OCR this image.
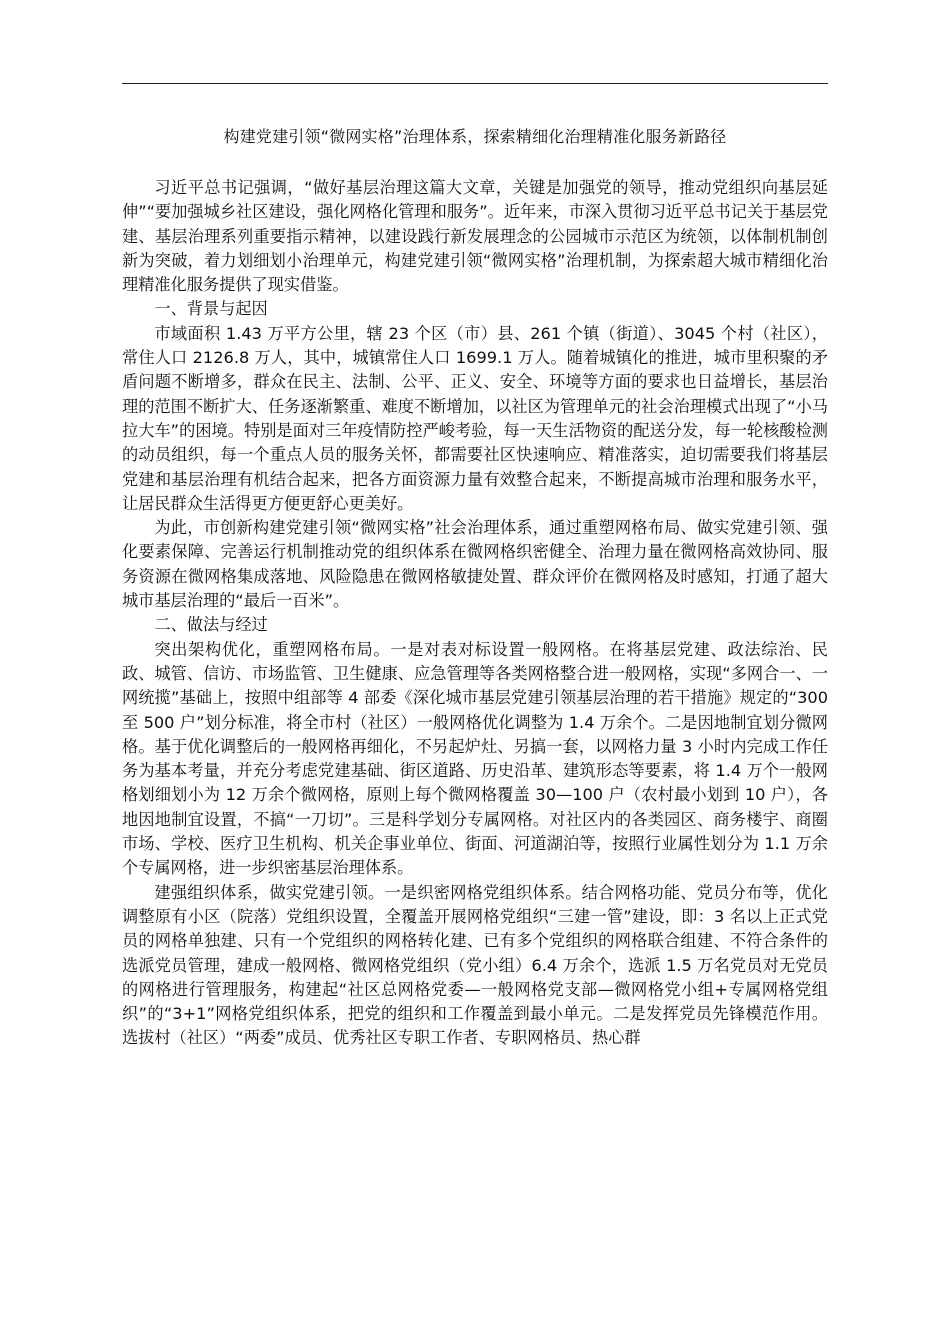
构建党建引领“微网实格”治理体系，探索精细化治理精准化服务新路径

习近平总书记强调，“做好基层治理这篇大文章，关键是加强党的领导，推动党组织向基层延伸”“要加强城乡社区建设，强化网格化管理和服务”。近年来，市深入贯彻习近平总书记关于基层党建、基层治理系列重要指示精神，以建设践行新发展理念的公园城市示范区为统领，以体制机制创新为突破，着力划细划小治理单元，构建党建引领“微网实格”治理机制，为探索超大城市精细化治理精准化服务提供了现实借鉴。

一、背景与起因

市域面积 1.43 万平方公里，辖 23 个区（市）县、261 个镇（街道）、3045 个村（社区），常住人口 2126.8 万人，其中，城镇常住人口 1699.1 万人。随着城镇化的推进，城市里积聚的矛盾问题不断增多，群众在民主、法制、公平、正义、安全、环境等方面的要求也日益增长，基层治理的范围不断扩大、任务逐渐繁重、难度不断增加，以社区为管理单元的社会治理模式出现了“小马拉大车”的困境。特别是面对三年疫情防控严峻考验，每一天生活物资的配送分发，每一轮核酸检测的动员组织，每一个重点人员的服务关怀，都需要社区快速响应、精准落实，迫切需要我们将基层党建和基层治理有机结合起来，把各方面资源力量有效整合起来，不断提高城市治理和服务水平，让居民群众生活得更方便更舒心更美好。

为此，市创新构建党建引领“微网实格”社会治理体系，通过重塑网格布局、做实党建引领、强化要素保障、完善运行机制推动党的组织体系在微网格织密健全、治理力量在微网格高效协同、服务资源在微网格集成落地、风险隐患在微网格敏捷处置、群众评价在微网格及时感知，打通了超大城市基层治理的“最后一百米”。

二、做法与经过

突出架构优化，重塑网格布局。一是对表对标设置一般网格。在将基层党建、政法综治、民政、城管、信访、市场监管、卫生健康、应急管理等各类网格整合进一般网格，实现“多网合一、一网统揽”基础上，按照中组部等 4 部委《深化城市基层党建引领基层治理的若干措施》规定的“300 至 500 户”划分标准，将全市村（社区）一般网格优化调整为 1.4 万余个。二是因地制宜划分微网格。基于优化调整后的一般网格再细化，不另起炉灶、另搞一套，以网格力量 3 小时内完成工作任务为基本考量，并充分考虑党建基础、街区道路、历史沿革、建筑形态等要素，将 1.4 万个一般网格划细划小为 12 万余个微网格，原则上每个微网格覆盖 30—100 户（农村最小划到 10 户），各地因地制宜设置，不搞“一刀切”。三是科学划分专属网格。对社区内的各类园区、商务楼宇、商圈市场、学校、医疗卫生机构、机关企事业单位、街面、河道湖泊等，按照行业属性划分为 1.1 万余个专属网格，进一步织密基层治理体系。

建强组织体系，做实党建引领。一是织密网格党组织体系。结合网格功能、党员分布等，优化调整原有小区（院落）党组织设置，全覆盖开展网格党组织“三建一管”建设，即：3 名以上正式党员的网格单独建、只有一个党组织的网格转化建、已有多个党组织的网格联合组建、不符合条件的选派党员管理，建成一般网格、微网格党组织（党小组）6.4 万余个，选派 1.5 万名党员对无党员的网格进行管理服务，构建起“社区总网格党委—一般网格党支部—微网格党小组+专属网格党组织”的“3+1”网格党组织体系，把党的组织和工作覆盖到最小单元。二是发挥党员先锋模范作用。选拔村（社区）“两委”成员、优秀社区专职工作者、专职网格员、热心群
